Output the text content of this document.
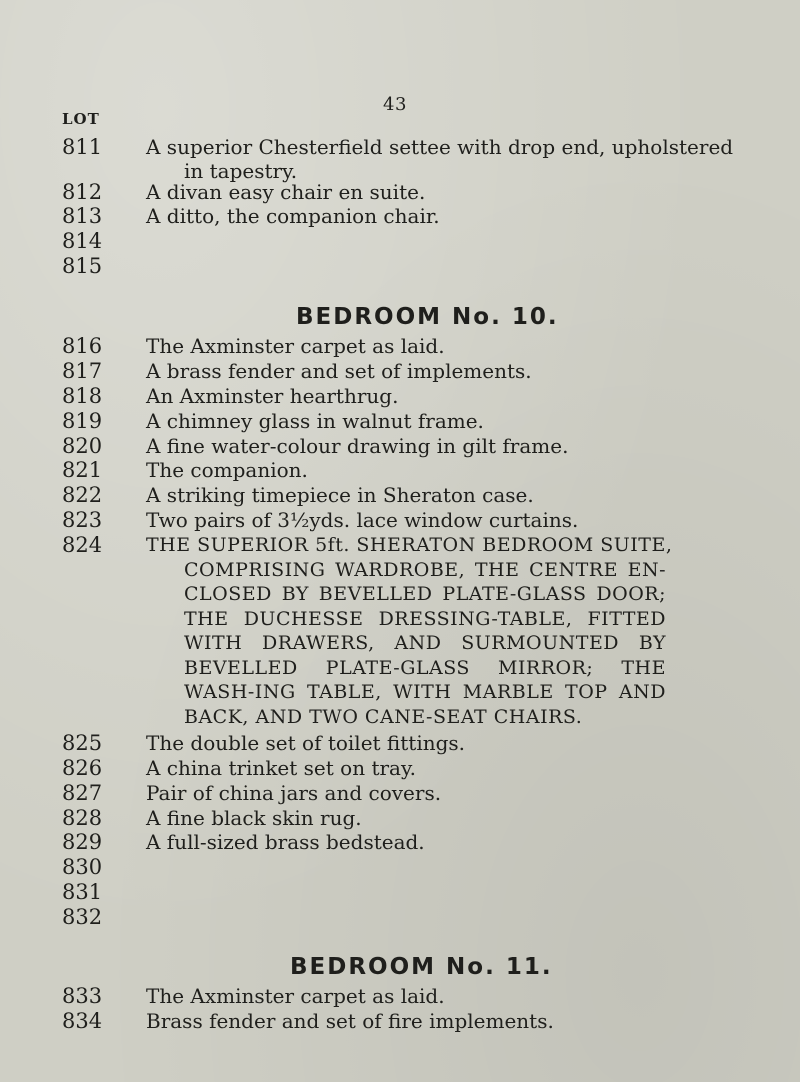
43
LOT
811	A superior Chesterfield settee with drop end, upholstered
in tapestry.
812	A divan easy chair en suite.
813	A ditto, the companion chair.
814
815
BEDROOM No. 10.
816	The Axminster carpet as laid.
817	A brass fender and set of implements.
818	An Axminster hearthrug.
819	A chimney glass in walnut frame.
820	A fine water-colour drawing in gilt frame.
821	The companion.
822	A striking timepiece in Sheraton case.
823	Two pairs of 3½yds. lace window curtains.
824	THE SUPERIOR 5ft. SHERATON BEDROOM SUITE,
COMPRISING WARDROBE, THE CENTRE EN-CLOSED BY BEVELLED PLATE-GLASS DOOR; THE DUCHESSE DRESSING-TABLE, FITTED WITH DRAWERS, AND SURMOUNTED BY BEVELLED PLATE-GLASS MIRROR; THE WASH-ING TABLE, WITH MARBLE TOP AND BACK, AND TWO CANE-SEAT CHAIRS.
825	The double set of toilet fittings.
826	A china trinket set on tray.
827	Pair of china jars and covers.
828	A fine black skin rug.
829	A full-sized brass bedstead.
830
831
832
BEDROOM No. 11.
833	The Axminster carpet as laid.
834	Brass fender and set of fire implements.
